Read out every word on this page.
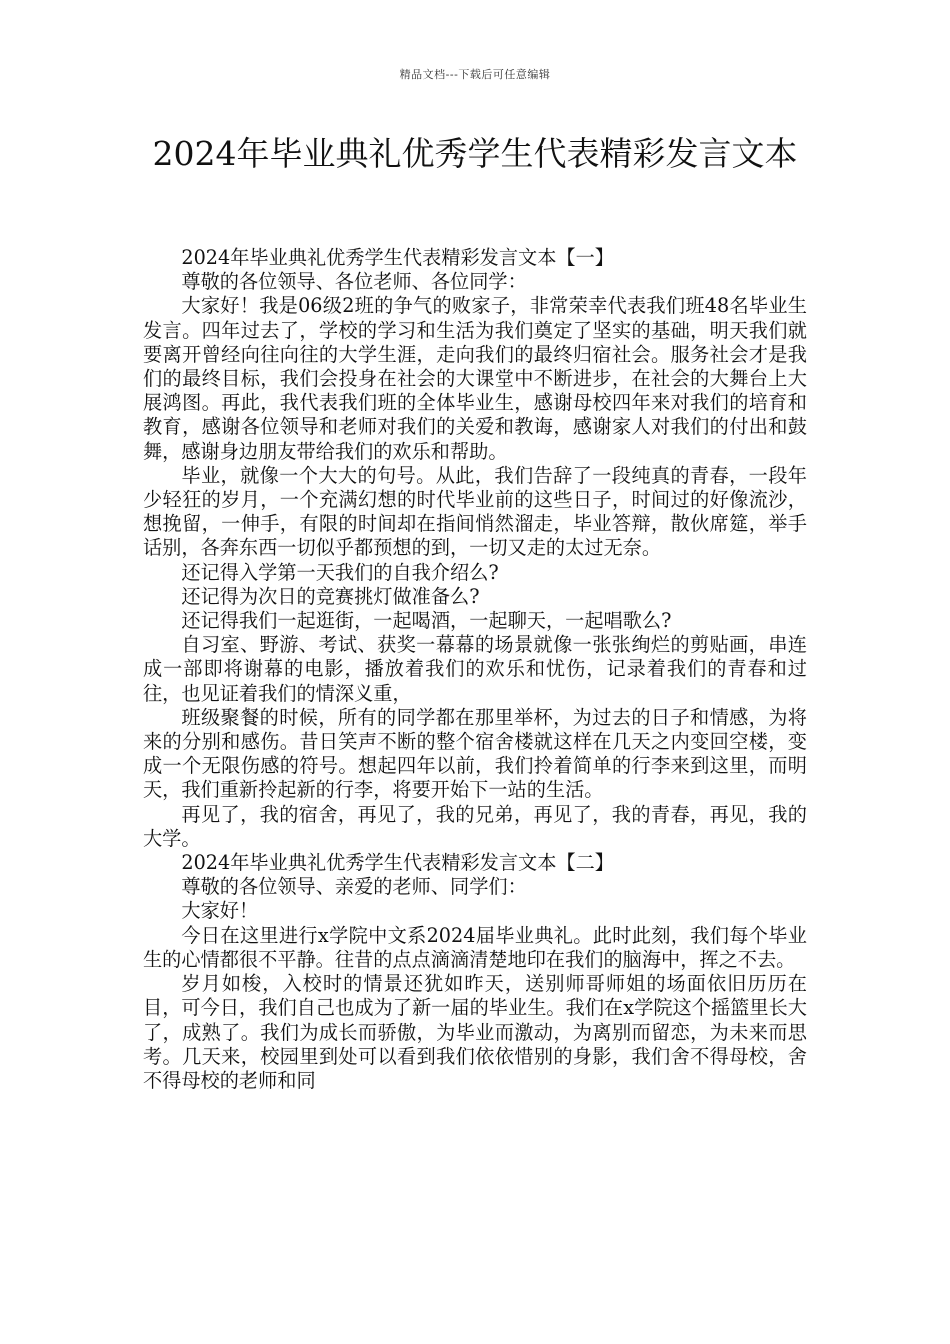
精品文档---下载后可任意编辑
2024年毕业典礼优秀学生代表精彩发言文本

2024年毕业典礼优秀学生代表精彩发言文本【一】

尊敬的各位领导、各位老师、各位同学：

大家好！我是06级2班的争气的败家子，非常荣幸代表我们班48名毕业生发言。四年过去了，学校的学习和生活为我们奠定了坚实的基础，明天我们就要离开曾经向往向往的大学生涯，走向我们的最终归宿社会。服务社会才是我们的最终目标，我们会投身在社会的大课堂中不断进步，在社会的大舞台上大展鸿图。再此，我代表我们班的全体毕业生，感谢母校四年来对我们的培育和教育，感谢各位领导和老师对我们的关爱和教诲，感谢家人对我们的付出和鼓舞，感谢身边朋友带给我们的欢乐和帮助。

毕业，就像一个大大的句号。从此，我们告辞了一段纯真的青春，一段年少轻狂的岁月，一个充满幻想的时代毕业前的这些日子，时间过的好像流沙，想挽留，一伸手，有限的时间却在指间悄然溜走，毕业答辩，散伙席筵，举手话别，各奔东西一切似乎都预想的到，一切又走的太过无奈。

还记得入学第一天我们的自我介绍么?

还记得为次日的竞赛挑灯做准备么?

还记得我们一起逛街，一起喝酒，一起聊天，一起唱歌么?

自习室、野游、考试、获奖一幕幕的场景就像一张张绚烂的剪贴画，串连成一部即将谢幕的电影，播放着我们的欢乐和忧伤，记录着我们的青春和过往，也见证着我们的情深义重，

班级聚餐的时候，所有的同学都在那里举杯，为过去的日子和情感，为将来的分别和感伤。昔日笑声不断的整个宿舍楼就这样在几天之内变回空楼，变成一个无限伤感的符号。想起四年以前，我们拎着简单的行李来到这里，而明天，我们重新拎起新的行李，将要开始下一站的生活。

再见了，我的宿舍，再见了，我的兄弟，再见了，我的青春，再见，我的大学。

2024年毕业典礼优秀学生代表精彩发言文本【二】

尊敬的各位领导、亲爱的老师、同学们：

大家好！

今日在这里进行x学院中文系2024届毕业典礼。此时此刻，我们每个毕业生的心情都很不平静。往昔的点点滴滴清楚地印在我们的脑海中，挥之不去。

岁月如梭，入校时的情景还犹如昨天，送别师哥师姐的场面依旧历历在目，可今日，我们自己也成为了新一届的毕业生。我们在x学院这个摇篮里长大了，成熟了。我们为成长而骄傲，为毕业而激动，为离别而留恋，为未来而思考。几天来，校园里到处可以看到我们依依惜别的身影，我们舍不得母校，舍不得母校的老师和同
